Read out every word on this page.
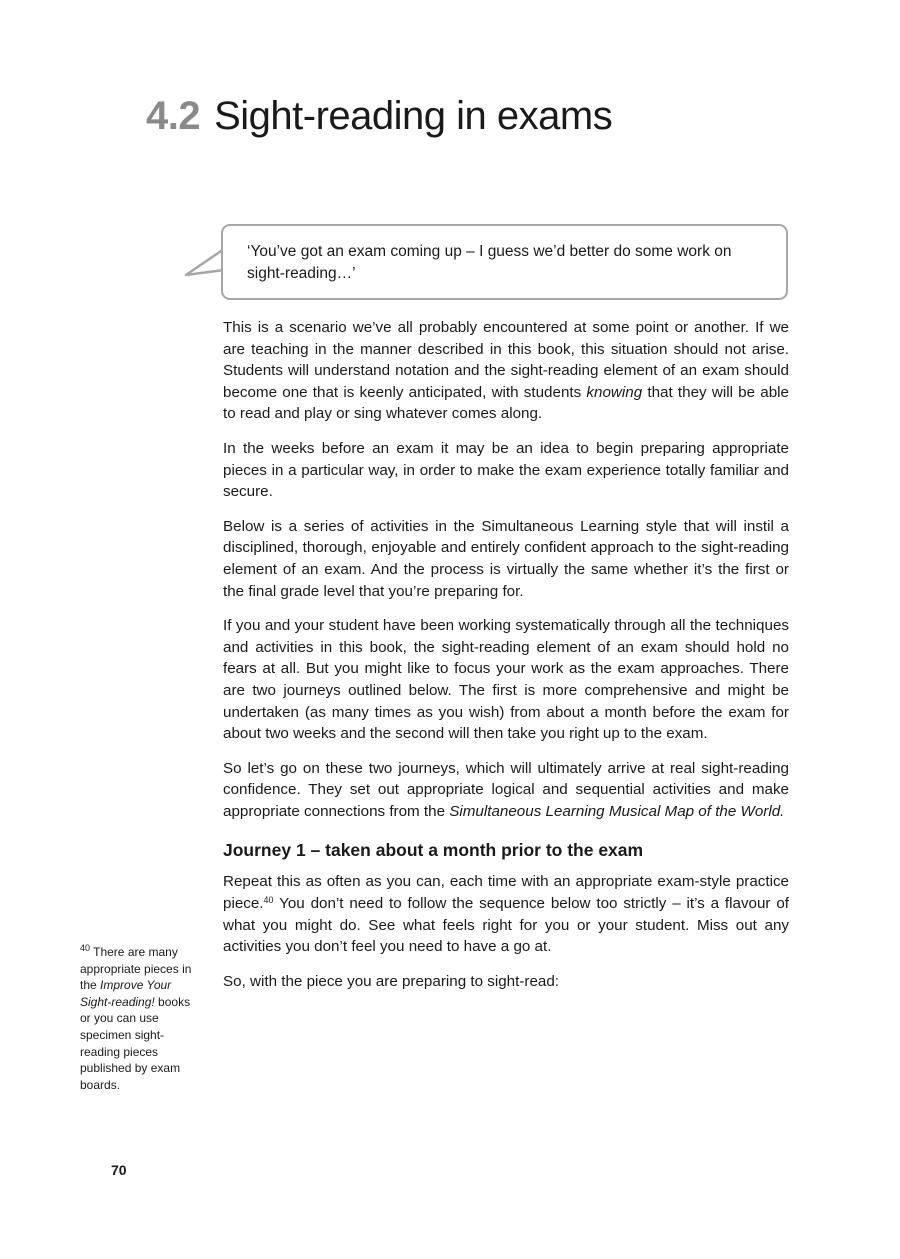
4.2 Sight-reading in exams
‘You’ve got an exam coming up – I guess we’d better do some work on sight-reading…’

This is a scenario we’ve all probably encountered at some point or another. If we are teaching in the manner described in this book, this situation should not arise. Students will understand notation and the sight-reading element of an exam should become one that is keenly anticipated, with students knowing that they will be able to read and play or sing whatever comes along.

In the weeks before an exam it may be an idea to begin preparing appropriate pieces in a particular way, in order to make the exam experience totally familiar and secure.

Below is a series of activities in the Simultaneous Learning style that will instil a disciplined, thorough, enjoyable and entirely confident approach to the sight-reading element of an exam. And the process is virtually the same whether it’s the first or the final grade level that you’re preparing for.

If you and your student have been working systematically through all the techniques and activities in this book, the sight-reading element of an exam should hold no fears at all. But you might like to focus your work as the exam approaches. There are two journeys outlined below. The first is more comprehensive and might be undertaken (as many times as you wish) from about a month before the exam for about two weeks and the second will then take you right up to the exam.

So let’s go on these two journeys, which will ultimately arrive at real sight-reading confidence. They set out appropriate logical and sequential activities and make appropriate connections from the Simultaneous Learning Musical Map of the World.

Journey 1 – taken about a month prior to the exam

Repeat this as often as you can, each time with an appropriate exam-style practice piece.$^{40}$ You don’t need to follow the sequence below too strictly – it’s a flavour of what you might do. See what feels right for you or your student. Miss out any activities you don’t feel you need to have a go at.

So, with the piece you are preparing to sight-read:

$^{40}$ There are many appropriate pieces in the Improve Your Sight-reading! books or you can use specimen sight-reading pieces published by exam boards.
70
